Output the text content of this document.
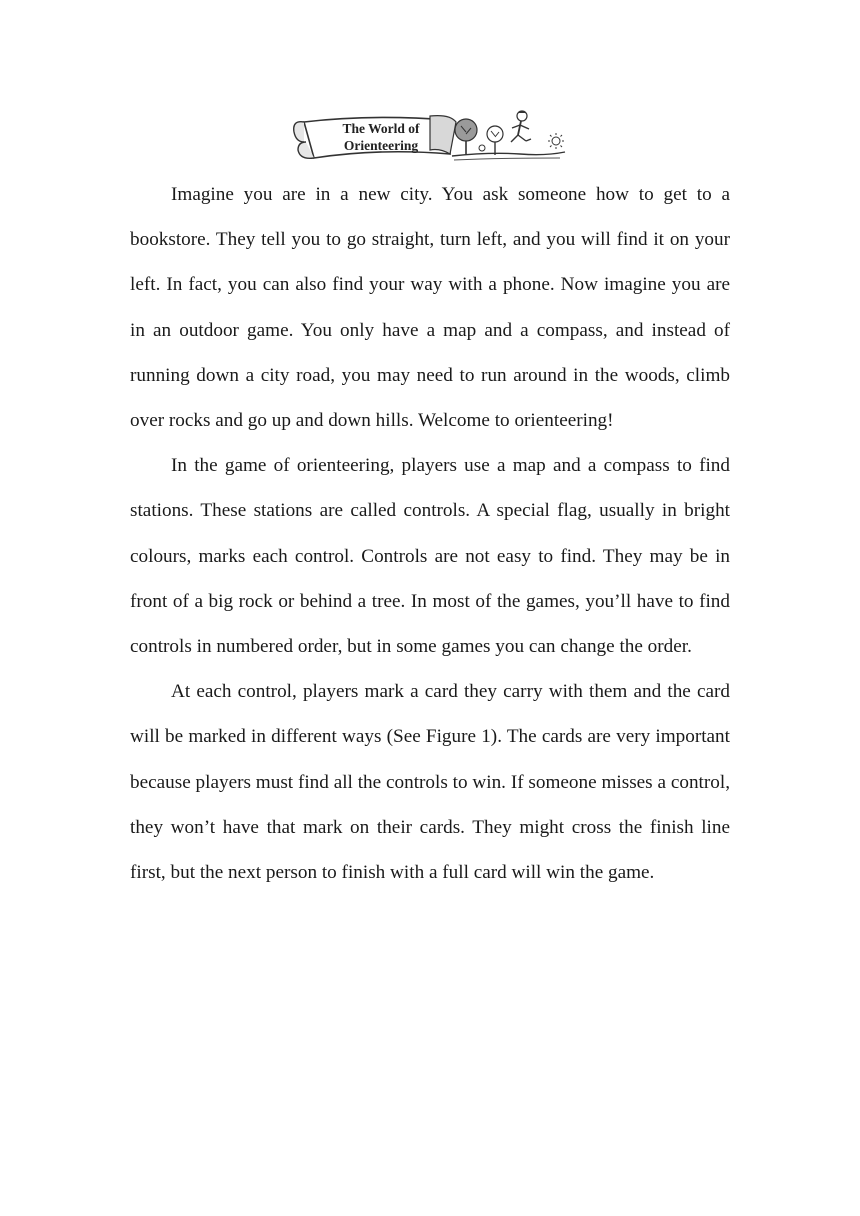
The World of
Orienteering

Imagine you are in a new city. You ask someone how to get to a bookstore. They tell you to go straight, turn left, and you will find it on your left. In fact, you can also find your way with a phone. Now imagine you are in an outdoor game. You only have a map and a compass, and instead of running down a city road, you may need to run around in the woods, climb over rocks and go up and down hills. Welcome to orienteering!

In the game of orienteering, players use a map and a compass to find stations. These stations are called controls. A special flag, usually in bright colours, marks each control. Controls are not easy to find. They may be in front of a big rock or behind a tree. In most of the games, you’ll have to find controls in numbered order, but in some games you can change the order.

At each control, players mark a card they carry with them and the card will be marked in different ways (See Figure 1). The cards are very important because players must find all the controls to win. If someone misses a control, they won’t have that mark on their cards. They might cross the finish line first, but the next person to finish with a full card will win the game.
